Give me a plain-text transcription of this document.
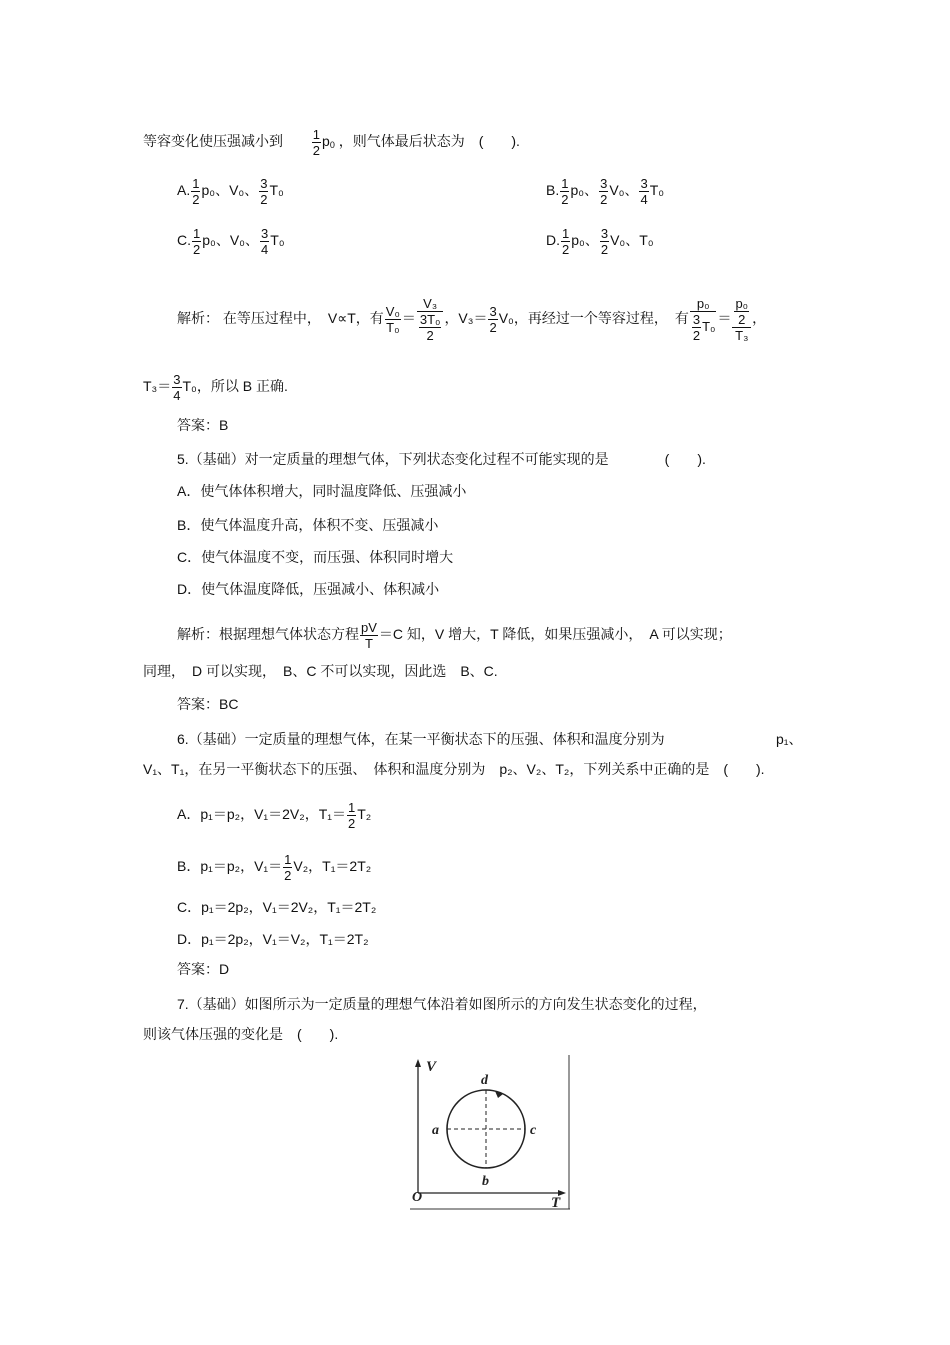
等容变化使压强减小到 $\frac{1}{2} p_0$ ，则气体最后状态为　(　　).
A. $\frac{1}{2} p_0$、V₀、 $\frac{3}{2} T_0$	B. $\frac{1}{2} p_0$、 $\frac{3}{2} V_0$、 $\frac{3}{4} T_0$
C. $\frac{1}{2} p_0$、V₀、 $\frac{3}{4} T_0$	D. $\frac{1}{2} p_0$、 $\frac{3}{2} V_0$、T₀
解析： 在等压过程中，　V∝T，有 $\frac{\text{V₀}}{\text{T₀}} = \frac{\text{V₃}}{\frac{\text{3T₀}}{2}}$ ，$V_3= \frac{3}{2} V_0$，再经过一个等容过程，　有 $\frac{\text{p₀}}{\frac{3}{2} T_0} = \frac{\frac{\text{p₀}}{2}}{\text{T₃}}$ ，
$T_3= \frac{3}{4} T_0$，所以 B 正确.
答案：B
5.（基础）对一定质量的理想气体，下列状态变化过程不可能实现的是　　　　(　　).
A．使气体体积增大，同时温度降低、压强减小
B．使气体温度升高，体积不变、压强减小
C．使气体温度不变，而压强、体积同时增大
D．使气体温度降低，压强减小、体积减小
解析：根据理想气体状态方程 $\frac{pV}{T} =C$ 知，V 增大，T 降低，如果压强减小，　A 可以实现；
同理，　D 可以实现，　B、C 不可以实现，因此选　B、C.
答案：BC
6.（基础）一定质量的理想气体，在某一平衡状态下的压强、体积和温度分别为	p₁、
V₁、T₁，在另一平衡状态下的压强、　体积和温度分别为　p₂、V₂、T₂，下列关系中正确的是　(　　).
A．p₁＝p₂，V₁＝2V₂，$T_1= \frac{1}{2} T_2$
B．p₁＝p₂，$V_1= \frac{1}{2} V_2$，T₁＝2T₂
C．p₁＝2p₂，V₁＝2V₂，T₁＝2T₂
D．p₁＝2p₂，V₁＝V₂，T₁＝2T₂
答案：D
7.（基础）如图所示为一定质量的理想气体沿着如图所示的方向发生状态变化的过程，
则该气体压强的变化是　(　　).
V
T
O
d
a	c
b
